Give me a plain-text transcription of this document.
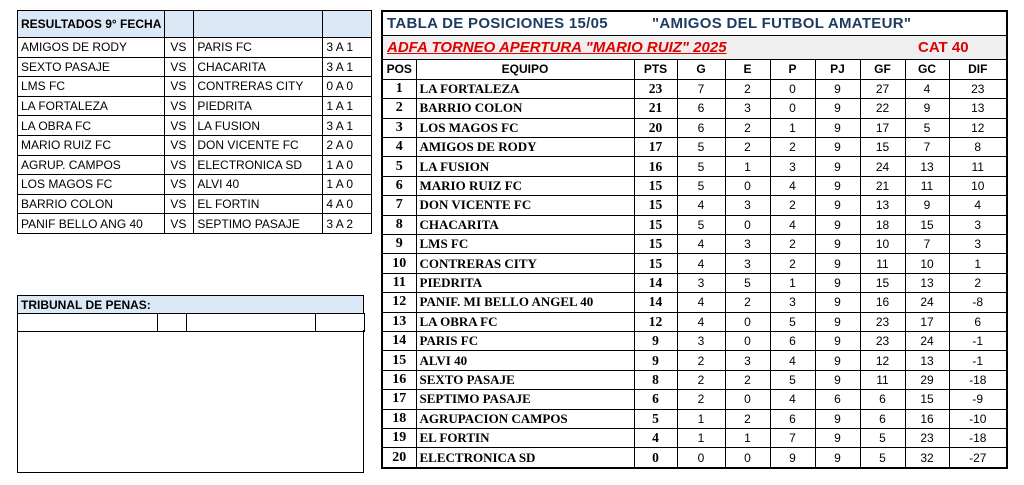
RESULTADOS 9° FECHA			
AMIGOS DE RODY	VS	PARIS FC	3 A 1
SEXTO PASAJE	VS	CHACARITA	3 A 1
LMS FC	VS	CONTRERAS CITY	0 A 0
LA FORTALEZA	VS	PIEDRITA	1 A 1
LA OBRA FC	VS	LA FUSION	3 A 1
MARIO RUIZ FC	VS	DON VICENTE FC	2 A 0
AGRUP. CAMPOS	VS	ELECTRONICA SD	1 A 0
LOS MAGOS FC	VS	ALVI 40	1 A 0
BARRIO COLON	VS	EL FORTIN	4 A 0
PANIF BELLO ANG 40	VS	SEPTIMO PASAJE	3 A 2
TRIBUNAL DE PENAS:

TABLA DE POSICIONES 15/05	"AMIGOS DEL FUTBOL AMATEUR"
ADFA TORNEO APERTURA "MARIO RUIZ" 2025	CAT 40
POS	EQUIPO	PTS	G	E	P	PJ	GF	GC	DIF
1	LA FORTALEZA	23	7	2	0	9	27	4	23
2	BARRIO COLON	21	6	3	0	9	22	9	13
3	LOS MAGOS FC	20	6	2	1	9	17	5	12
4	AMIGOS DE RODY	17	5	2	2	9	15	7	8
5	LA FUSION	16	5	1	3	9	24	13	11
6	MARIO RUIZ FC	15	5	0	4	9	21	11	10
7	DON VICENTE FC	15	4	3	2	9	13	9	4
8	CHACARITA	15	5	0	4	9	18	15	3
9	LMS FC	15	4	3	2	9	10	7	3
10	CONTRERAS CITY	15	4	3	2	9	11	10	1
11	PIEDRITA	14	3	5	1	9	15	13	2
12	PANIF. MI BELLO ANGEL 40	14	4	2	3	9	16	24	-8
13	LA OBRA FC	12	4	0	5	9	23	17	6
14	PARIS FC	9	3	0	6	9	23	24	-1
15	ALVI 40	9	2	3	4	9	12	13	-1
16	SEXTO PASAJE	8	2	2	5	9	11	29	-18
17	SEPTIMO PASAJE	6	2	0	4	6	6	15	-9
18	AGRUPACION CAMPOS	5	1	2	6	9	6	16	-10
19	EL FORTIN	4	1	1	7	9	5	23	-18
20	ELECTRONICA SD	0	0	0	9	9	5	32	-27
